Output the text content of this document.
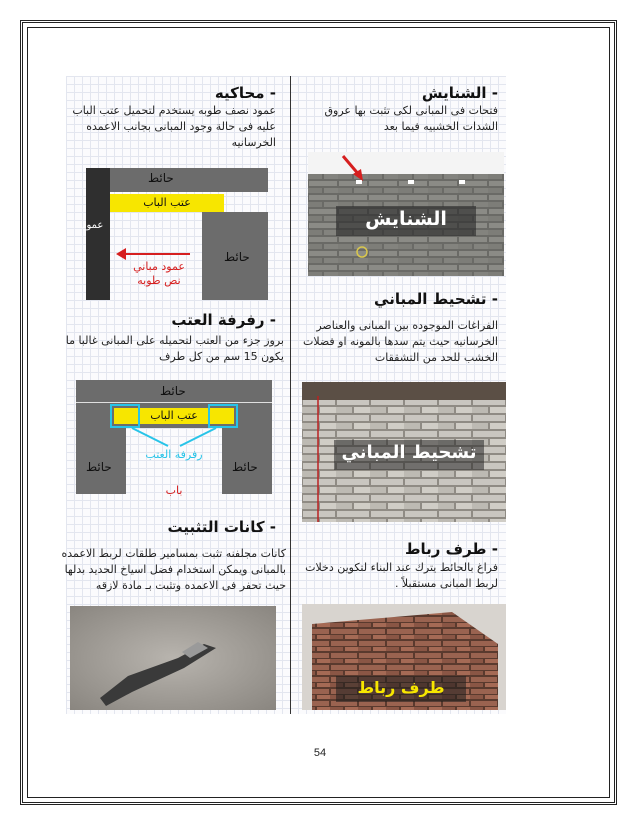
- الشنايش
فتحات فى المبانى لكى تثبت بها عروق
الشدات الخشبيه فيما بعد
الشنايش
- تشحيط المباني
الفراغات الموجوده بين المبانى والعناصر
الخرسانيه حيث يتم سدها بالمونه او فضلات
الخشب للحد من التشققات
تشحيط المباني
- طرف رباط
فراغ بالحائط يترك عند البناء لتكوين دخلات
لربط المبانى مستقبلاً .
طرف رباط
- محاكيه
عمود نصف طوبه يستخدم لتحميل عتب الباب
عليه فى حالة وجود المبانى بجانب الاعمده
الخرسانيه
حائط
عتب الباب
عمود
حائط
عمود مباني
نص طوبه
- رفرفة العتب
بروز جزء من العتب لتحميله على المبانى غالبا ما
يكون 15 سم من كل طرف
حائط
عتب الباب
رفرفة العتب
حائط	حائط
باب
- كانات التثبيت
كانات مجلفنه تثبت بمسامير طلقات لربط الاعمده
بالمبانى ويمكن استخدام فضل اسياخ الحديد بدلها
حيث تحفر فى الاعمده وتثبت بـ مادة لازقه
54
